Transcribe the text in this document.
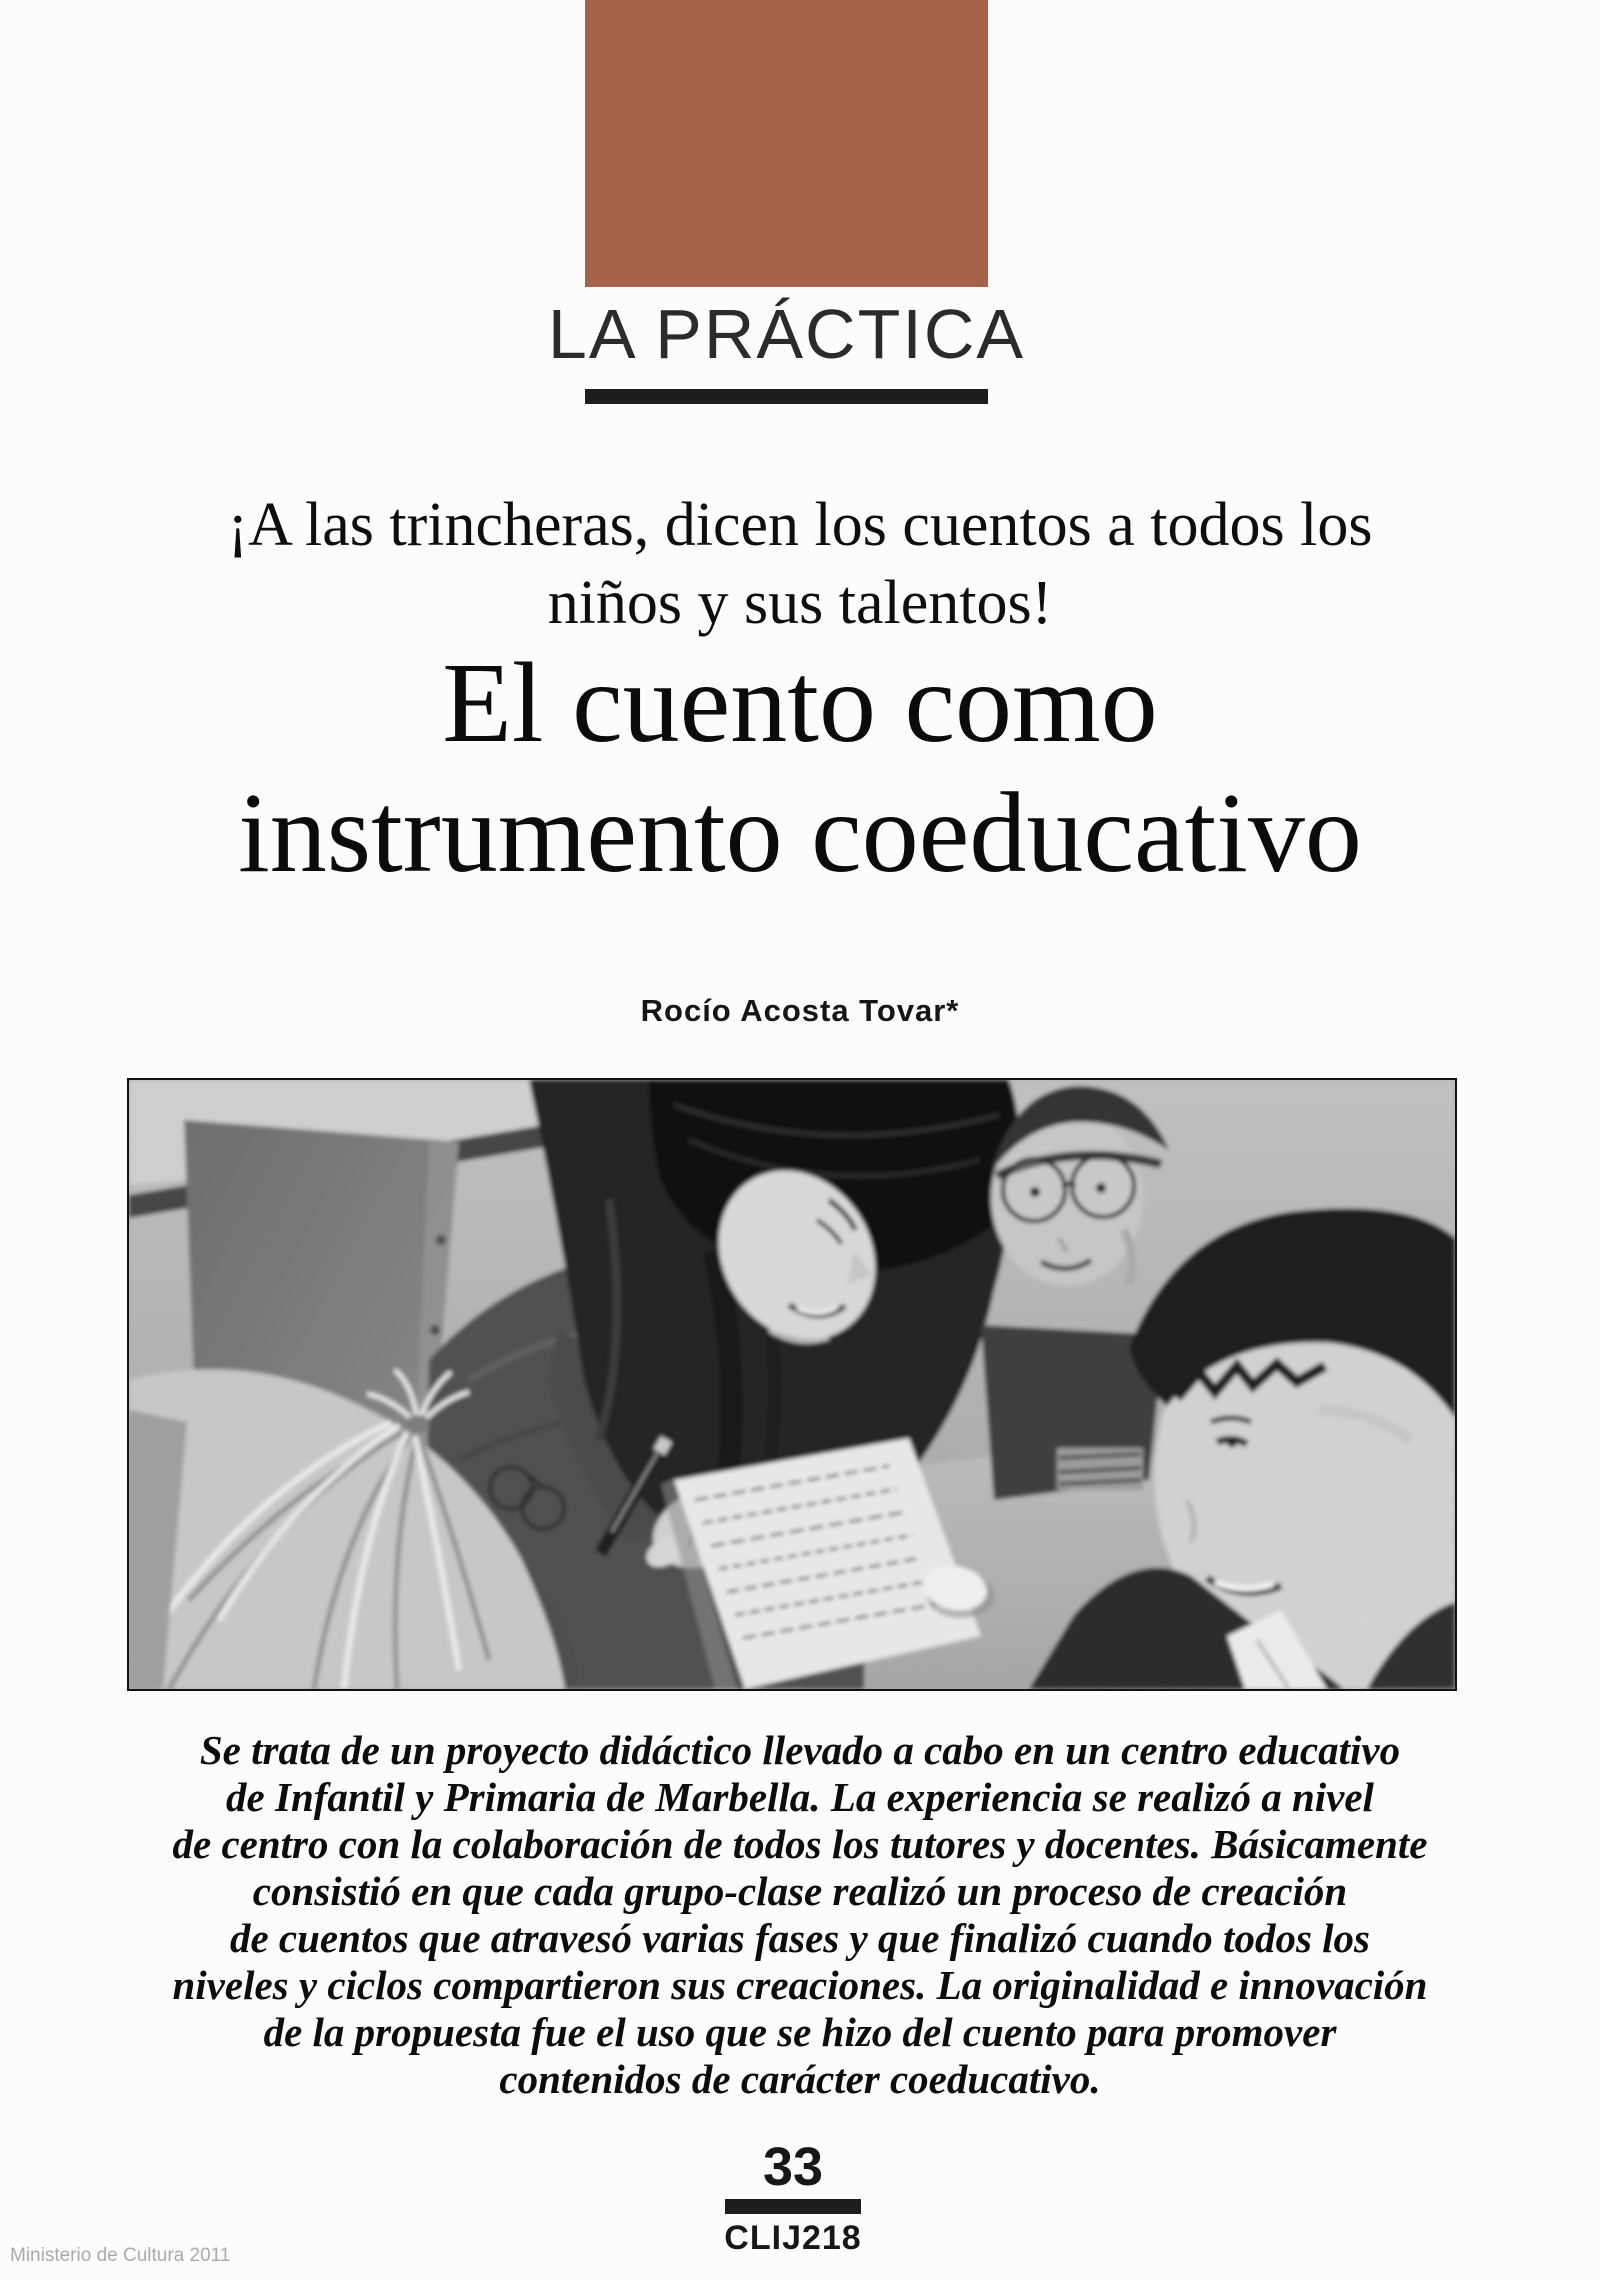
LA PRÁCTICA
¡A las trincheras, dicen los cuentos a todos los
niños y sus talentos!
El cuento como
instrumento coeducativo
Rocío Acosta Tovar*
Se trata de un proyecto didáctico llevado a cabo en un centro educativo
de Infantil y Primaria de Marbella. La experiencia se realizó a nivel
de centro con la colaboración de todos los tutores y docentes. Básicamente
consistió en que cada grupo-clase realizó un proceso de creación
de cuentos que atravesó varias fases y que finalizó cuando todos los
niveles y ciclos compartieron sus creaciones. La originalidad e innovación
de la propuesta fue el uso que se hizo del cuento para promover
contenidos de carácter coeducativo.
33
CLIJ218
Ministerio de Cultura 2011
